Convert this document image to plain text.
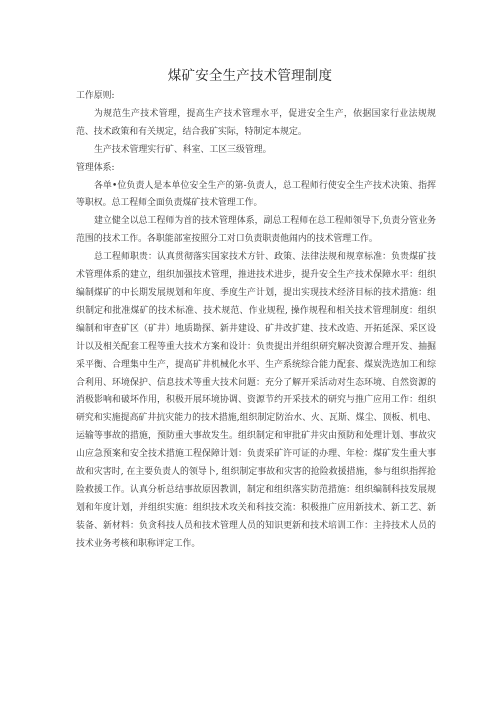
煤矿安全生产技术管理制度

工作原则:

为规范生产技术管理，提高生产技术管理水平，促进安全生产，依据国家行业法规规范、技术政策和有关规定，结合我矿实际，特制定本规定。

生产技术管理实行矿、科室、工区三级管理。

管理体系:

各单•位负责人是本单位安全生产的第-负责人，总工程师行使安全生产技术决策、指挥等职权。总工程师全面负责煤矿技术管理工作。

建立健全以总工程师为首的技术管理体系，副总工程师在总工程师领导下,负责分管业务范围的技术工作。各职能部室按照分工对口负责职责他闹内的技术管理工作。

总工程师职贵：认真贯彻落实国家技术方针、政策、法律法规和规章标准：负贵煤矿技术管理体系的建立，组织加强技术管理，推进技术进步，提升安全生产技术保障水平：组织编制煤矿的中长期发展规划和年度、季度生产计划，提出实现技术经济目标的技术措施：组织制定和批准煤矿的技术标准、技术规范、作业规程, 操作规程和相关技术管理制度：组织编制和审查矿区（矿井）地质勘探、新井建设、矿井改扩建、技术改造、开拓延深、采区设计以及相关配套工程等重大技术方案和设计：负贵提出并组织研究解决资源合理开发、抽掘采平衡、合理集中生产，提高矿井机械化水平、生产系统综合能力配套、煤炭洗选加工和综合利用、环境保护、信息技术等重大技术问题：充分了解开采活动对生态环境、自然资源的消极影响和破坏作用，积极开展环境协调、资源节约开采技术的研究与推广应用工作：组织研究和实施提高矿井抗灾能力的技术措施,组织制定防治水、火、瓦斯、煤尘、顶板、机电、运输等事故的措施，预防重大事故发生。组织制定和审批矿井灾由预防和处理计划、事故灾山应急预案和安全技术措施工程保障计划：负责采矿许可证的办理、年检：煤矿发生重大事故和灾害时, 在主要负责人的领导卜, 组织制定事故和灾害的抢险救援措施，参与组织指挥抢险救援工作。认真分析总结事故原因教训，制定和组织落实防范措施：组织编制科技发展规划和年度计划，并组织实施：组织技术攻关和科技交流：积极推广应用新技术、新工艺、新装备、新材料：负贪科技人员和技术管理人员的知识更新和技术培训工作：主持技术人员的技术业务考核和职称评定工作。
